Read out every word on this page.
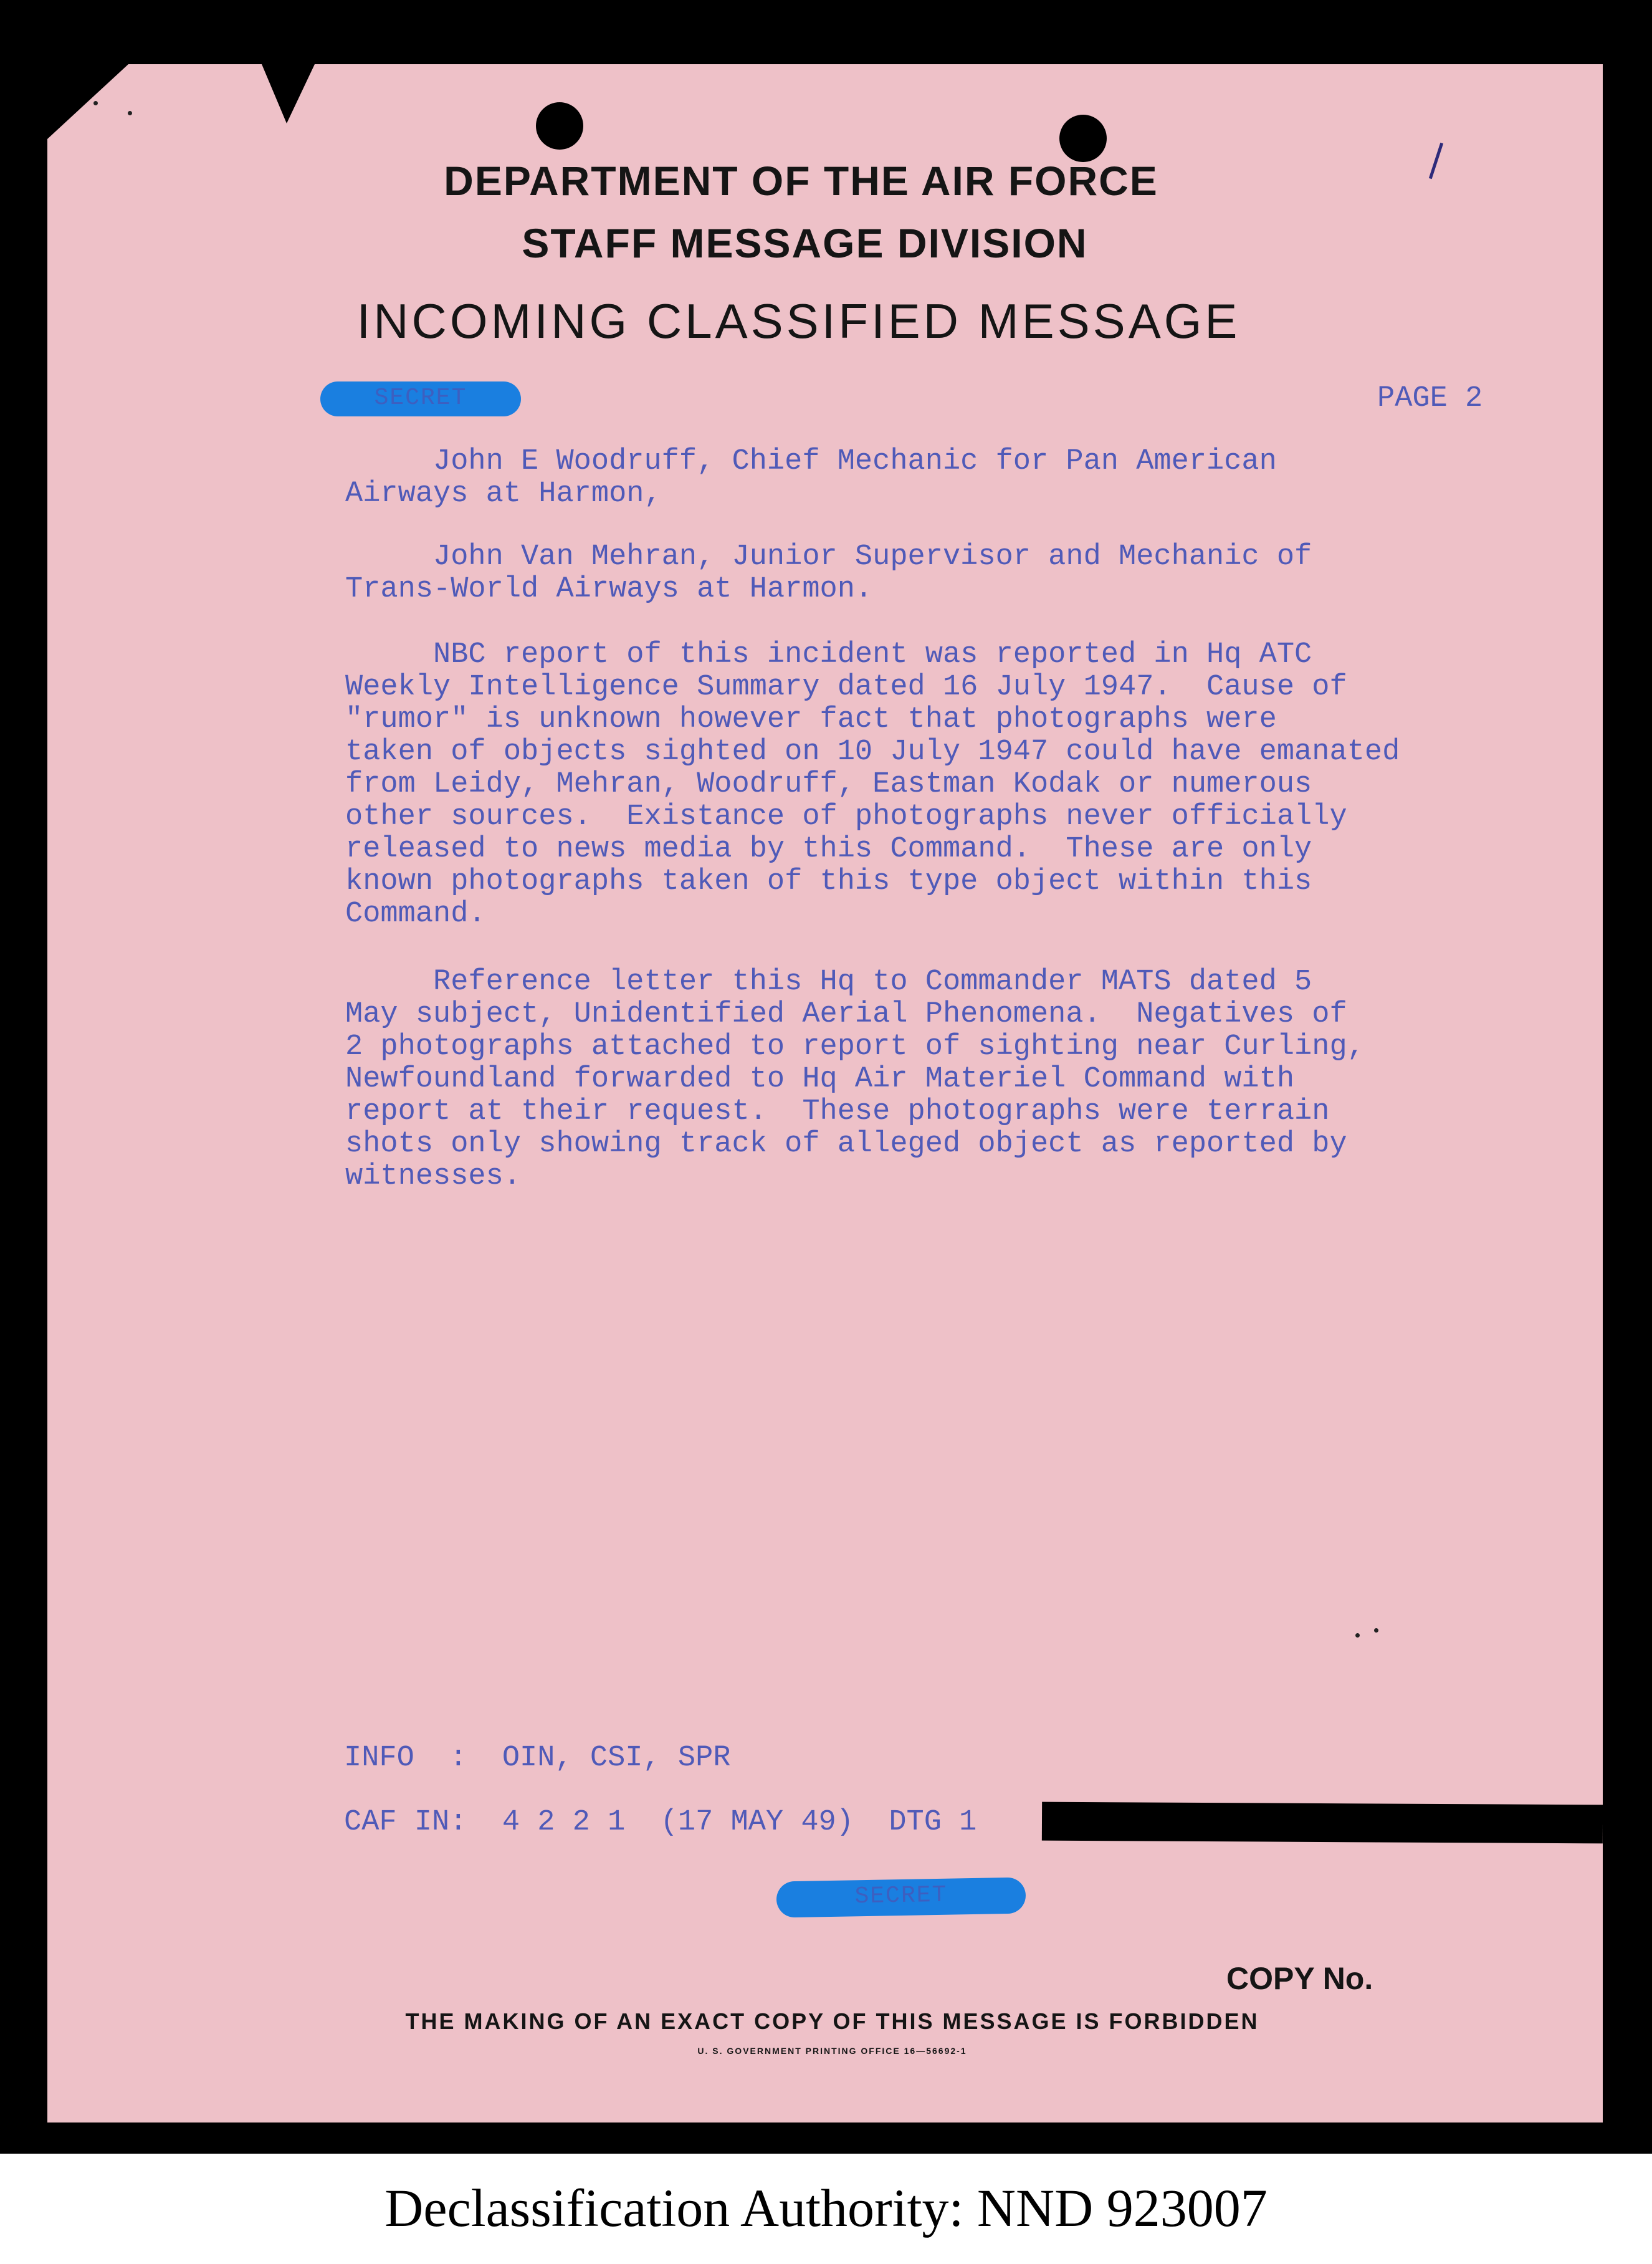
DEPARTMENT OF THE AIR FORCE
STAFF MESSAGE DIVISION
INCOMING CLASSIFIED MESSAGE
SECRET	PAGE 2
John E Woodruff, Chief Mechanic for Pan American
Airways at Harmon,
John Van Mehran, Junior Supervisor and Mechanic of
Trans-World Airways at Harmon.
NBC report of this incident was reported in Hq ATC
Weekly Intelligence Summary dated 16 July 1947.  Cause of
"rumor" is unknown however fact that photographs were
taken of objects sighted on 10 July 1947 could have emanated
from Leidy, Mehran, Woodruff, Eastman Kodak or numerous
other sources.  Existance of photographs never officially
released to news media by this Command.  These are only
known photographs taken of this type object within this
Command.
Reference letter this Hq to Commander MATS dated 5
May subject, Unidentified Aerial Phenomena.  Negatives of
2 photographs attached to report of sighting near Curling,
Newfoundland forwarded to Hq Air Materiel Command with
report at their request.  These photographs were terrain
shots only showing track of alleged object as reported by
witnesses.
INFO  :  OIN, CSI, SPR
CAF IN:  4 2 2 1  (17 MAY 49)  DTG 1
SECRET
COPY No.
THE MAKING OF AN EXACT COPY OF THIS MESSAGE IS FORBIDDEN
U. S. GOVERNMENT PRINTING OFFICE 16—56692-1
Declassification Authority: NND 923007
